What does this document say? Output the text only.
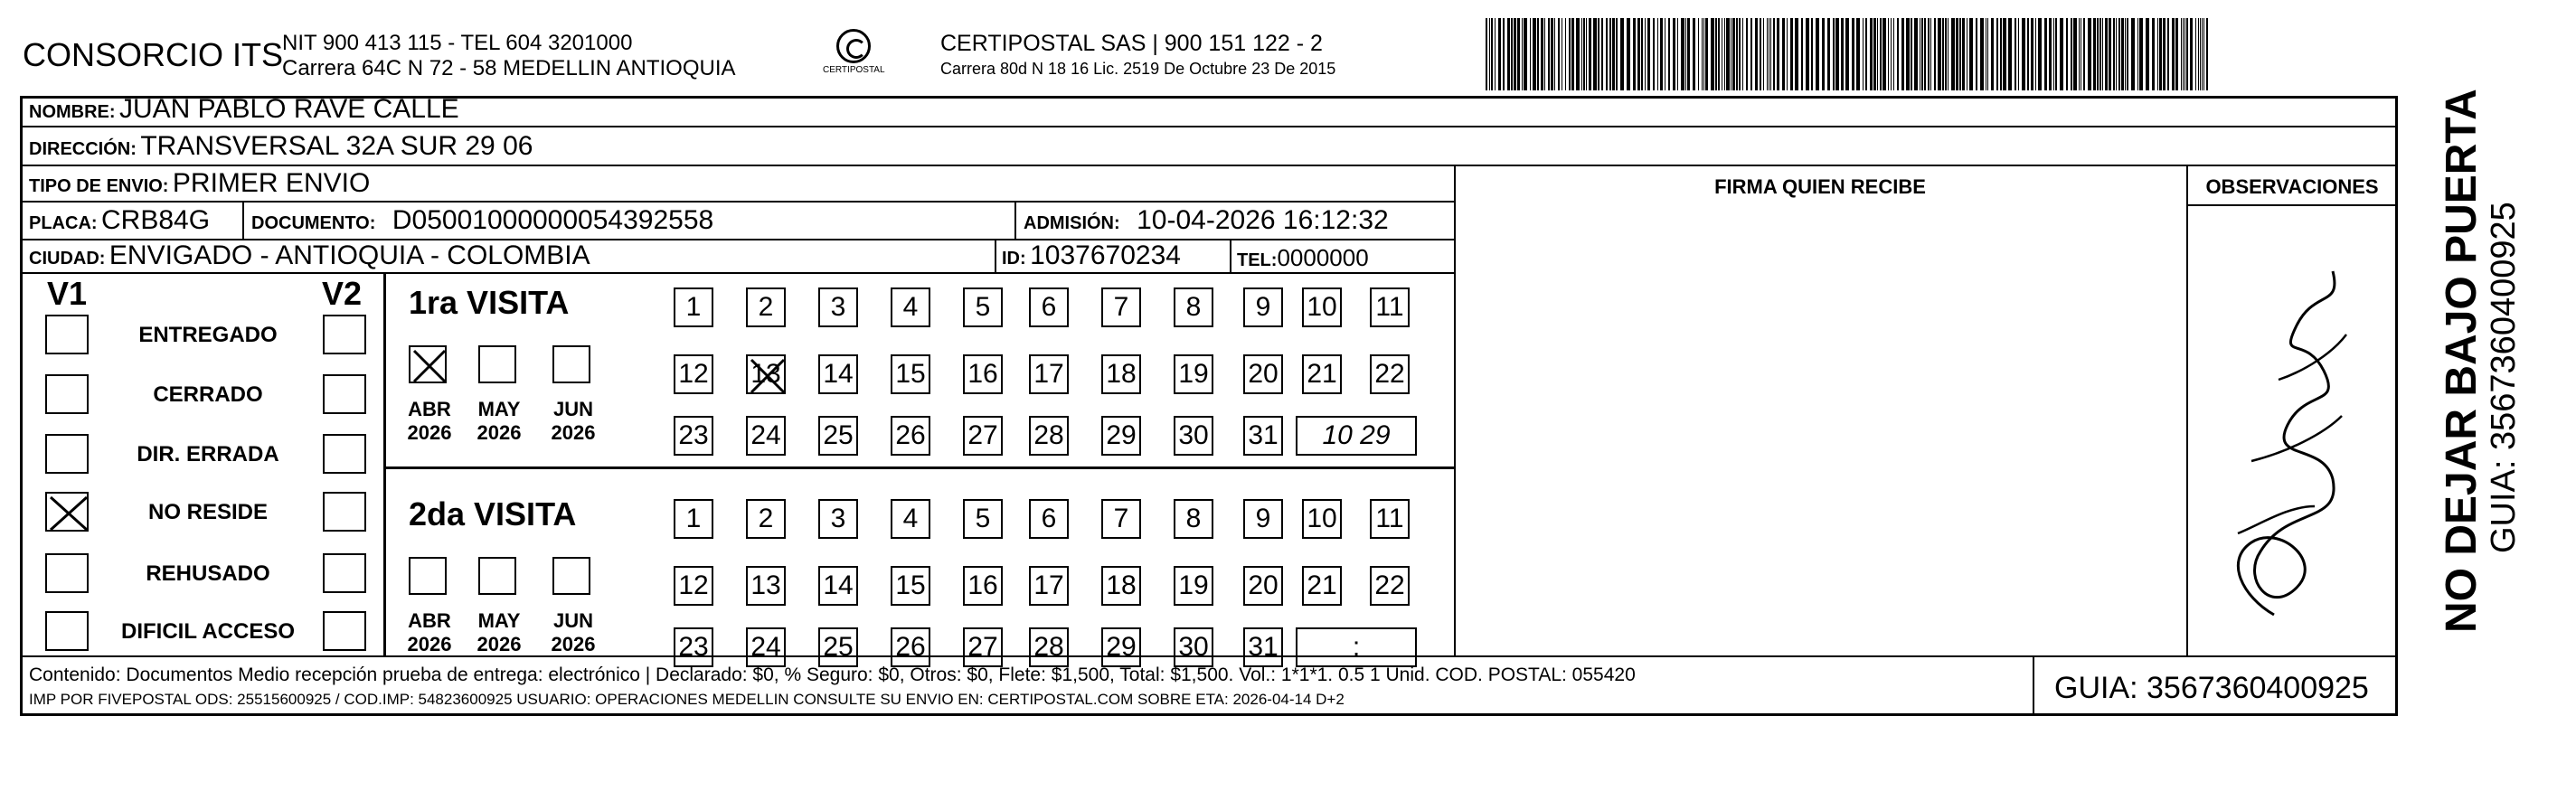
CONSORCIO ITS
NIT 900 413 115 - TEL 604 3201000
Carrera 64C N 72 - 58 MEDELLIN ANTIOQUIA	CERTIPOSTAL
CERTIPOSTAL SAS | 900 151 122 - 2
Carrera 80d N 18 16 Lic. 2519 De Octubre 23 De 2015
NOMBRE: JUAN PABLO RAVE CALLE
DIRECCIÓN: TRANSVERSAL 32A SUR 29 06
TIPO DE ENVIO: PRIMER ENVIO	FIRMA QUIEN RECIBE	OBSERVACIONES
PLACA: CRB84G DOCUMENTO: D05001000000054392558	ADMISIÓN: 10-04-2026 16:12:32
CIUDAD: ENVIGADO - ANTIOQUIA - COLOMBIA	ID: 1037670234	TEL:0000000
V1	V2
ENTREGADO
CERRADO
DIR. ERRADA
NO RESIDE
REHUSADO
DIFICIL ACCESO
1ra VISITA
ABR
2026
MAY
2026
JUN
2026
1	2	3	4	5	6	7	8	9	10 11
12 13 14 15 16 17 18 19 20 21 22
23 24 25 26 27 28 29 30 31	10 29
2da VISITA
ABR
2026
MAY
2026
JUN
2026
1	2	3	4	5	6	7	8	9	10 11
12 13 14 15 16 17 18 19 20 21 22
23 24 25 26 27 28 29 30 31	:
Contenido: Documentos Medio recepción prueba de entrega: electrónico | Declarado: $0, % Seguro: $0, Otros: $0, Flete: $1,500, Total: $1,500. Vol.: 1*1*1. 0.5 1 Unid. COD. POSTAL: 055420
IMP POR FIVEPOSTAL ODS: 25515600925 / COD.IMP: 54823600925 USUARIO: OPERACIONES MEDELLIN CONSULTE SU ENVIO EN: CERTIPOSTAL.COM SOBRE ETA: 2026-04-14 D+2	GUIA: 3567360400925
NO DEJAR BAJO PUERTA GUIA: 3567360400925
